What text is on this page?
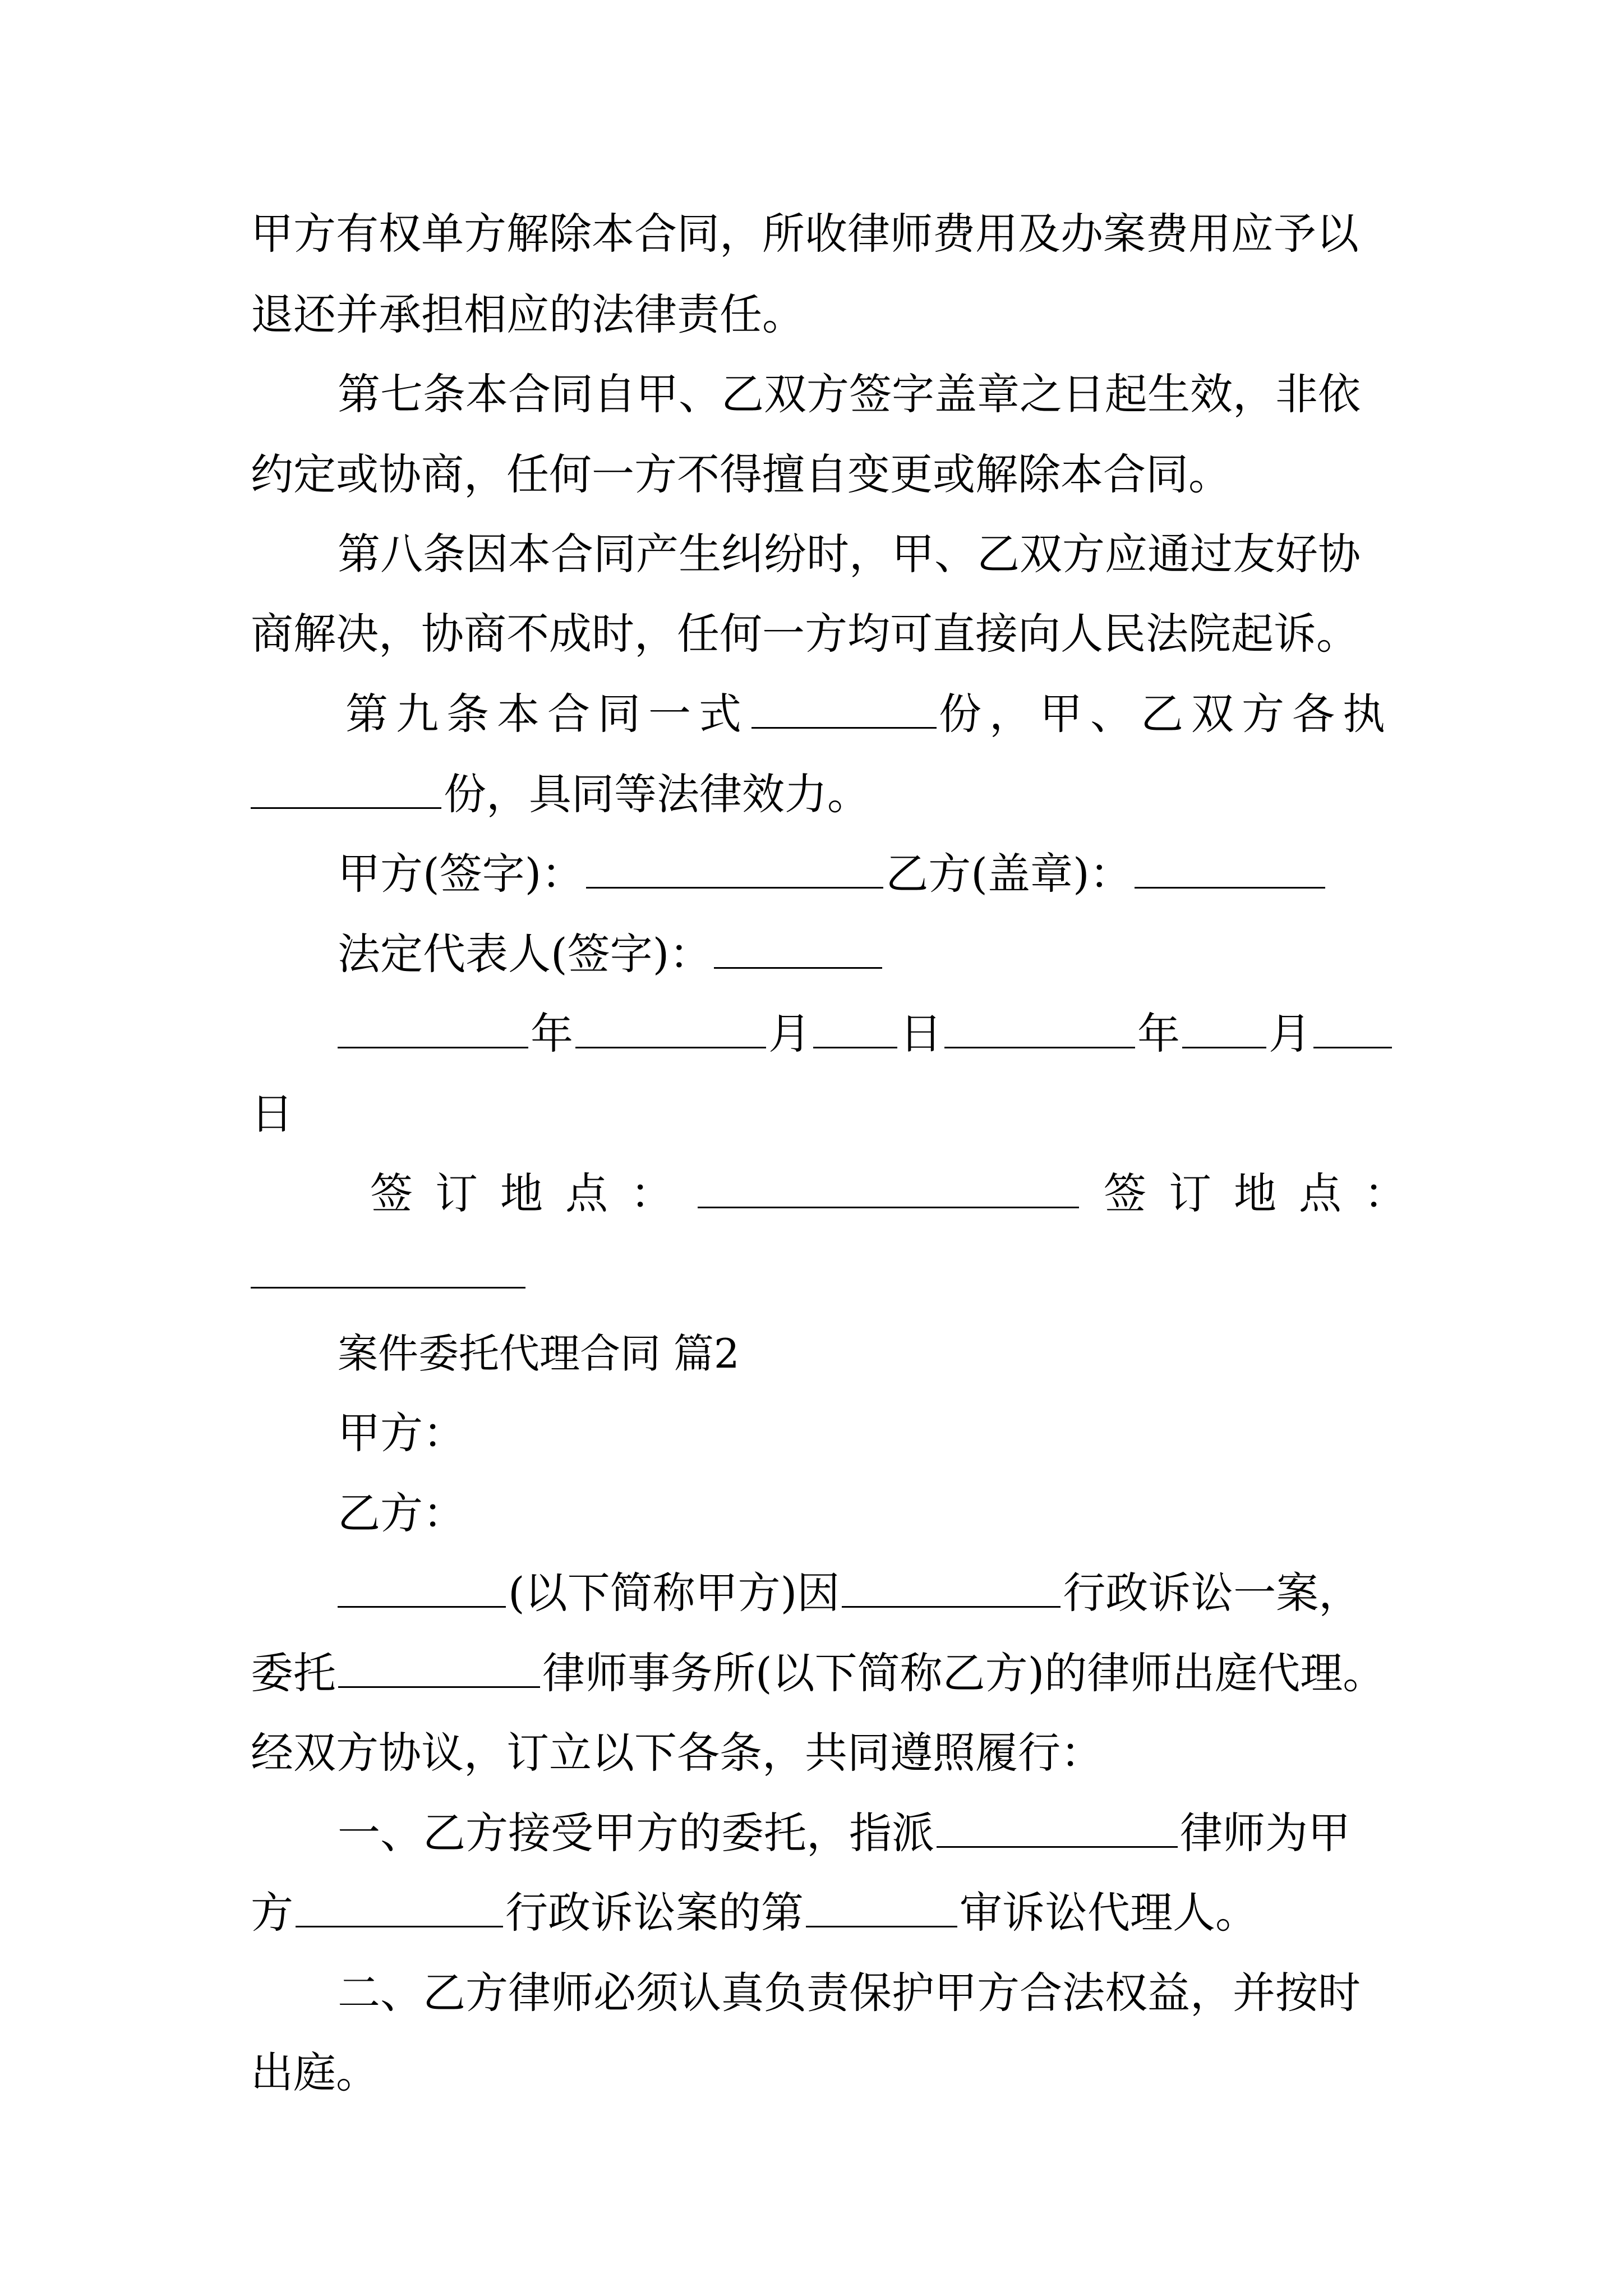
甲方有权单方解除本合同，所收律师费用及办案费用应予以
退还并承担相应的法律责任。
第七条本合同自甲、乙双方签字盖章之日起生效，非依
约定或协商，任何一方不得擅自变更或解除本合同。
第八条因本合同产生纠纷时，甲、乙双方应通过友好协
商解决，协商不成时，任何一方均可直接向人民法院起诉。
第九条本合同一式	份，甲、乙双方各执
份，具同等法律效力。
甲方(签字)：	乙方(盖章)：
法定代表人(签字)：
年	月 日	年 月
日
签订地点：	签订地点：
案件委托代理合同 篇2
甲方：
乙方：
(以下简称甲方)因	行政诉讼一案，
委托	律师事务所(以下简称乙方)的律师出庭代理。
经双方协议，订立以下各条，共同遵照履行：
一、乙方接受甲方的委托，指派	律师为甲
方	行政诉讼案的第	审诉讼代理人。
二、乙方律师必须认真负责保护甲方合法权益，并按时
出庭。
